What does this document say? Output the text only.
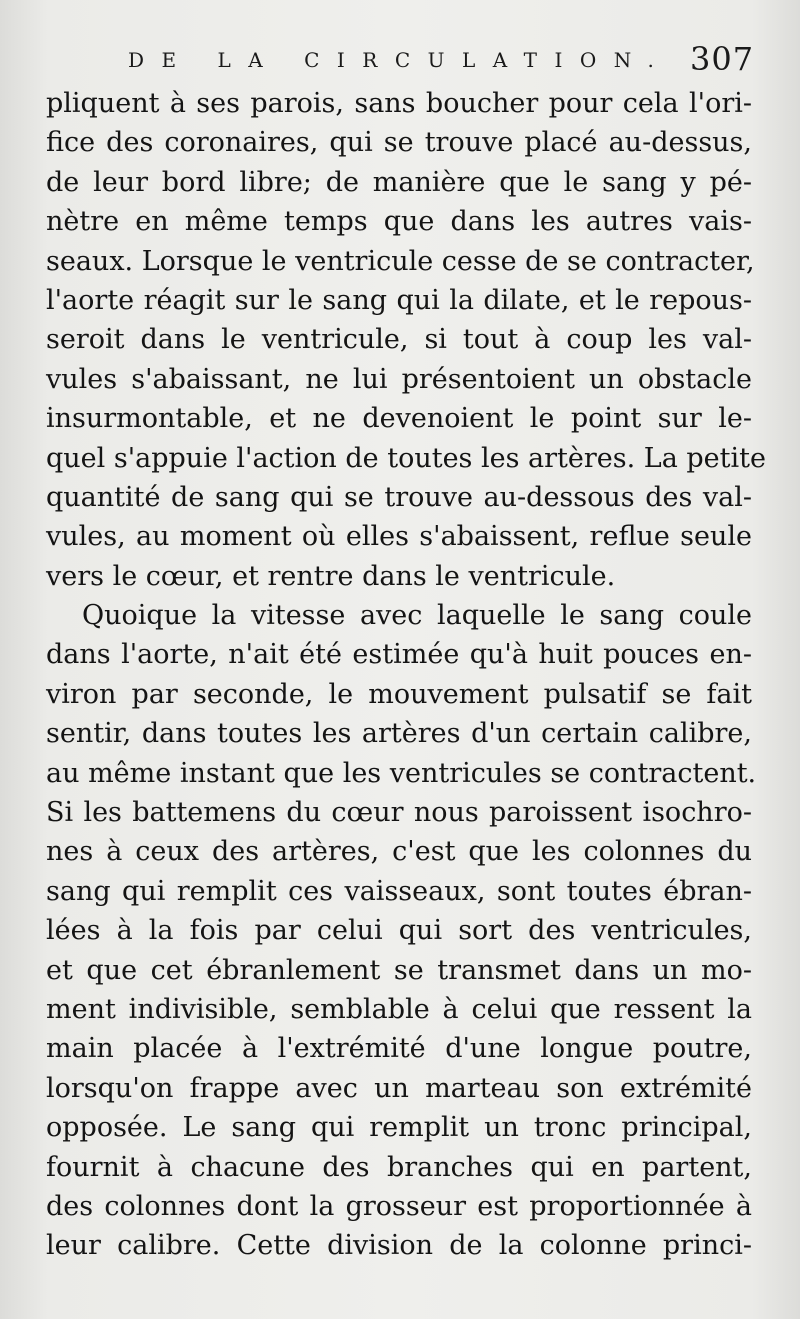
DE LA CIRCULATION. 307
pliquent à ses parois, sans boucher pour cela l'ori-
fice des coronaires, qui se trouve placé au-dessus,
de leur bord libre; de manière que le sang y pé-
nètre en même temps que dans les autres vais-
seaux. Lorsque le ventricule cesse de se contracter,
l'aorte réagit sur le sang qui la dilate, et le repous-
seroit dans le ventricule, si tout à coup les val-
vules s'abaissant, ne lui présentoient un obstacle
insurmontable, et ne devenoient le point sur le-
quel s'appuie l'action de toutes les artères. La petite
quantité de sang qui se trouve au-dessous des val-
vules, au moment où elles s'abaissent, reflue seule
vers le cœur, et rentre dans le ventricule.
Quoique la vitesse avec laquelle le sang coule
dans l'aorte, n'ait été estimée qu'à huit pouces en-
viron par seconde, le mouvement pulsatif se fait
sentir, dans toutes les artères d'un certain calibre,
au même instant que les ventricules se contractent.
Si les battemens du cœur nous paroissent isochro-
nes à ceux des artères, c'est que les colonnes du
sang qui remplit ces vaisseaux, sont toutes ébran-
lées à la fois par celui qui sort des ventricules,
et que cet ébranlement se transmet dans un mo-
ment indivisible, semblable à celui que ressent la
main placée à l'extrémité d'une longue poutre,
lorsqu'on frappe avec un marteau son extrémité
opposée. Le sang qui remplit un tronc principal,
fournit à chacune des branches qui en partent,
des colonnes dont la grosseur est proportionnée à
leur calibre. Cette division de la colonne princi-
